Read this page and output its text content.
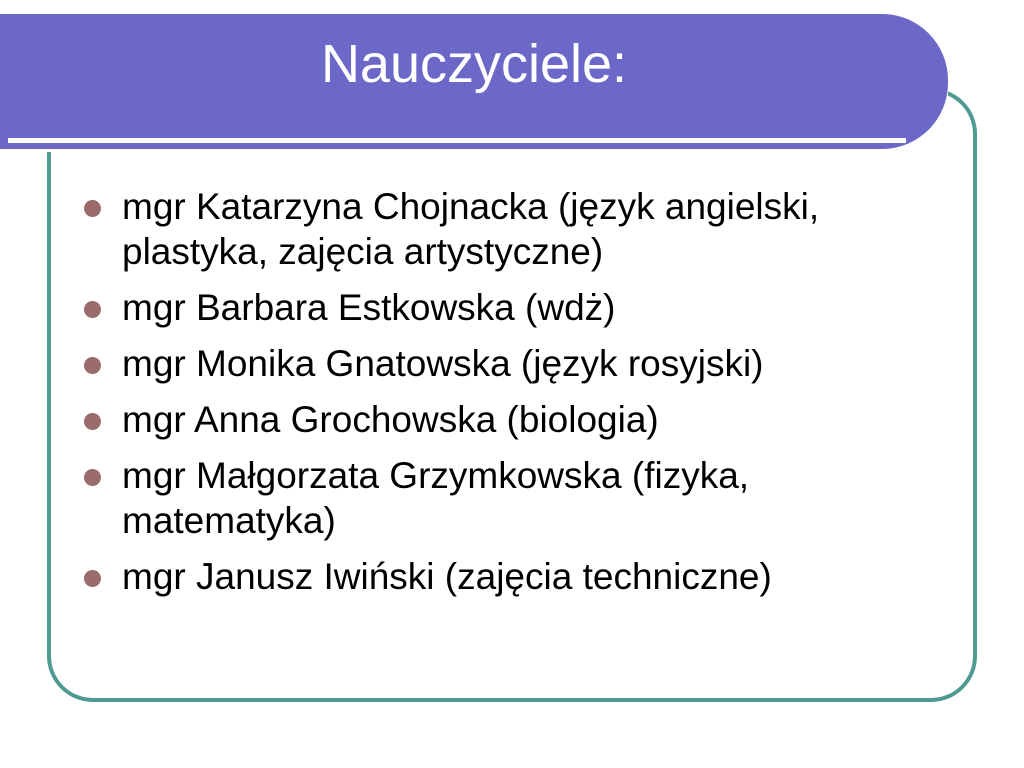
Nauczyciele:
mgr Katarzyna Chojnacka (język angielski, plastyka, zajęcia artystyczne)
mgr Barbara Estkowska (wdż)
mgr Monika Gnatowska (język rosyjski)
mgr Anna Grochowska (biologia)
mgr Małgorzata Grzymkowska (fizyka, matematyka)
mgr Janusz Iwiński (zajęcia techniczne)
